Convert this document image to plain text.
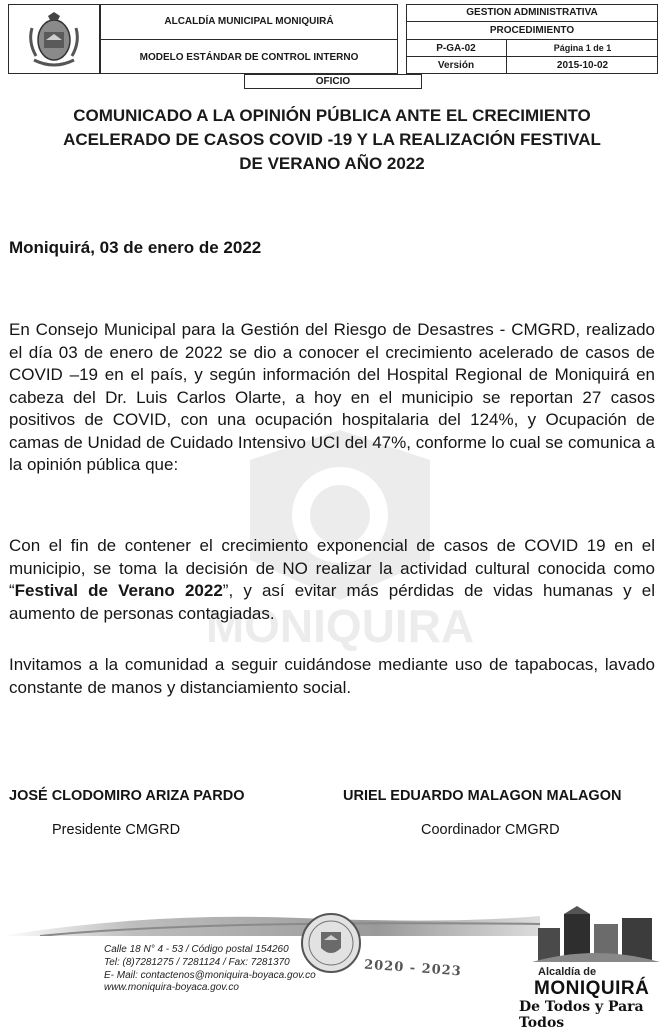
ALCALDÍA MUNICIPAL MONIQUIRÁ
MODELO ESTÁNDAR DE CONTROL INTERNO
GESTION ADMINISTRATIVA
PROCEDIMIENTO
P-GA-02	Página 1 de 1
Versión	2015-10-02
OFICIO
MONIQUIRA
COMUNICADO A LA OPINIÓN PÚBLICA ANTE EL CRECIMIENTO
ACELERADO DE CASOS COVID -19 Y LA REALIZACIÓN FESTIVAL
DE VERANO AÑO 2022
Moniquirá, 03 de enero de 2022
En Consejo Municipal para la Gestión del Riesgo de Desastres - CMGRD, realizado el día 03 de enero de 2022 se dio a conocer el crecimiento acelerado de casos de COVID –19 en el país, y según información del Hospital Regional de Moniquirá en cabeza del Dr. Luis Carlos Olarte, a hoy en el municipio se reportan 27 casos positivos de COVID, con una ocupación hospitalaria del 124%, y Ocupación de camas de Unidad de Cuidado Intensivo UCI del 47%, conforme lo cual se comunica a la opinión pública que:
Con el fin de contener el crecimiento exponencial de casos de COVID 19 en el municipio, se toma la decisión de NO realizar la actividad cultural conocida como “Festival de Verano 2022”, y así evitar más pérdidas de vidas humanas y el aumento de personas contagiadas.
Invitamos a la comunidad a seguir cuidándose mediante uso de tapabocas, lavado constante de manos y distanciamiento social.
JOSÉ CLODOMIRO ARIZA PARDO
Presidente CMGRD
URIEL EDUARDO MALAGON MALAGON
Coordinador CMGRD
Calle 18 N° 4 - 53 / Código postal 154260
Tel: (8)7281275 / 7281124 / Fax: 7281370
E- Mail: contactenos@moniquira-boyaca.gov.co
www.moniquira-boyaca.gov.co
2020 - 2023	Alcaldía de
MONIQUIRÁ
De Todos y Para Todos
